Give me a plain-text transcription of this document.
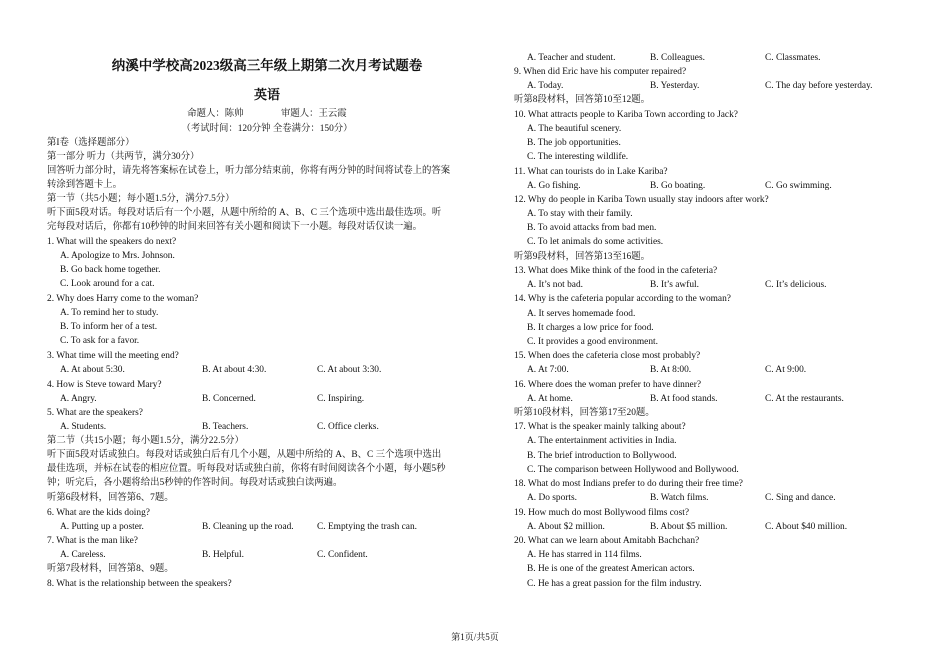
纳溪中学校高2023级高三年级上期第二次月考试题卷
英语
命题人：陈帅　　　　审题人：王云霞
（考试时间：120分钟 全卷满分：150分）
第I卷（选择题部分）
第一部分 听力（共两节，满分30分）
回答听力部分时，请先将答案标在试卷上，听力部分结束前，你将有两分钟的时间将试卷上的答案
转涂到答题卡上。
第一节（共5小题；每小题1.5分，满分7.5分）
听下面5段对话。每段对话后有一个小题，从题中所给的 A、B、C 三个选项中选出最佳选项。听
完每段对话后，你都有10秒钟的时间来回答有关小题和阅读下一小题。每段对话仅读一遍。
1. What will the speakers do next?
A. Apologize to Mrs. Johnson.
B. Go back home together.
C. Look around for a cat.
2. Why does Harry come to the woman?
A. To remind her to study.
B. To inform her of a test.
C. To ask for a favor.
3. What time will the meeting end?
A. At about 5:30.	B. At about 4:30.	C. At about 3:30.
4. How is Steve toward Mary?
A. Angry.	B. Concerned.	C. Inspiring.
5. What are the speakers?
A. Students.	B. Teachers.	C. Office clerks.
第二节（共15小题；每小题1.5分，满分22.5分）
听下面5段对话或独白。每段对话或独白后有几个小题，从题中所给的 A、B、C 三个选项中选出
最佳选项，并标在试卷的相应位置。听每段对话或独白前，你将有时间阅读各个小题，每小题5秒
钟；听完后，各小题将给出5秒钟的作答时间。每段对话或独白读两遍。
听第6段材料，回答第6、7题。
6. What are the kids doing?
A. Putting up a poster.	B. Cleaning up the road.	C. Emptying the trash can.
7. What is the man like?
A. Careless.	B. Helpful.	C. Confident.
听第7段材料，回答第8、9题。
8. What is the relationship between the speakers?
A. Teacher and student.	B. Colleagues.	C. Classmates.
9. When did Eric have his computer repaired?
A. Today.	B. Yesterday.	C. The day before yesterday.
听第8段材料，回答第10至12题。
10. What attracts people to Kariba Town according to Jack?
A. The beautiful scenery.
B. The job opportunities.
C. The interesting wildlife.
11. What can tourists do in Lake Kariba?
A. Go fishing.	B. Go boating.	C. Go swimming.
12. Why do people in Kariba Town usually stay indoors after work?
A. To stay with their family.
B. To avoid attacks from bad men.
C. To let animals do some activities.
听第9段材料，回答第13至16题。
13. What does Mike think of the food in the cafeteria?
A. It’s not bad.	B. It’s awful.	C. It’s delicious.
14. Why is the cafeteria popular according to the woman?
A. It serves homemade food.
B. It charges a low price for food.
C. It provides a good environment.
15. When does the cafeteria close most probably?
A. At 7:00.	B. At 8:00.	C. At 9:00.
16. Where does the woman prefer to have dinner?
A. At home.	B. At food stands.	C. At the restaurants.
听第10段材料，回答第17至20题。
17. What is the speaker mainly talking about?
A. The entertainment activities in India.
B. The brief introduction to Bollywood.
C. The comparison between Hollywood and Bollywood.
18. What do most Indians prefer to do during their free time?
A. Do sports.	B. Watch films.	C. Sing and dance.
19. How much do most Bollywood films cost?
A. About $2 million.	B. About $5 million.	C. About $40 million.
20. What can we learn about Amitabh Bachchan?
A. He has starred in 114 films.
B. He is one of the greatest American actors.
C. He has a great passion for the film industry.
第1页/共5页
